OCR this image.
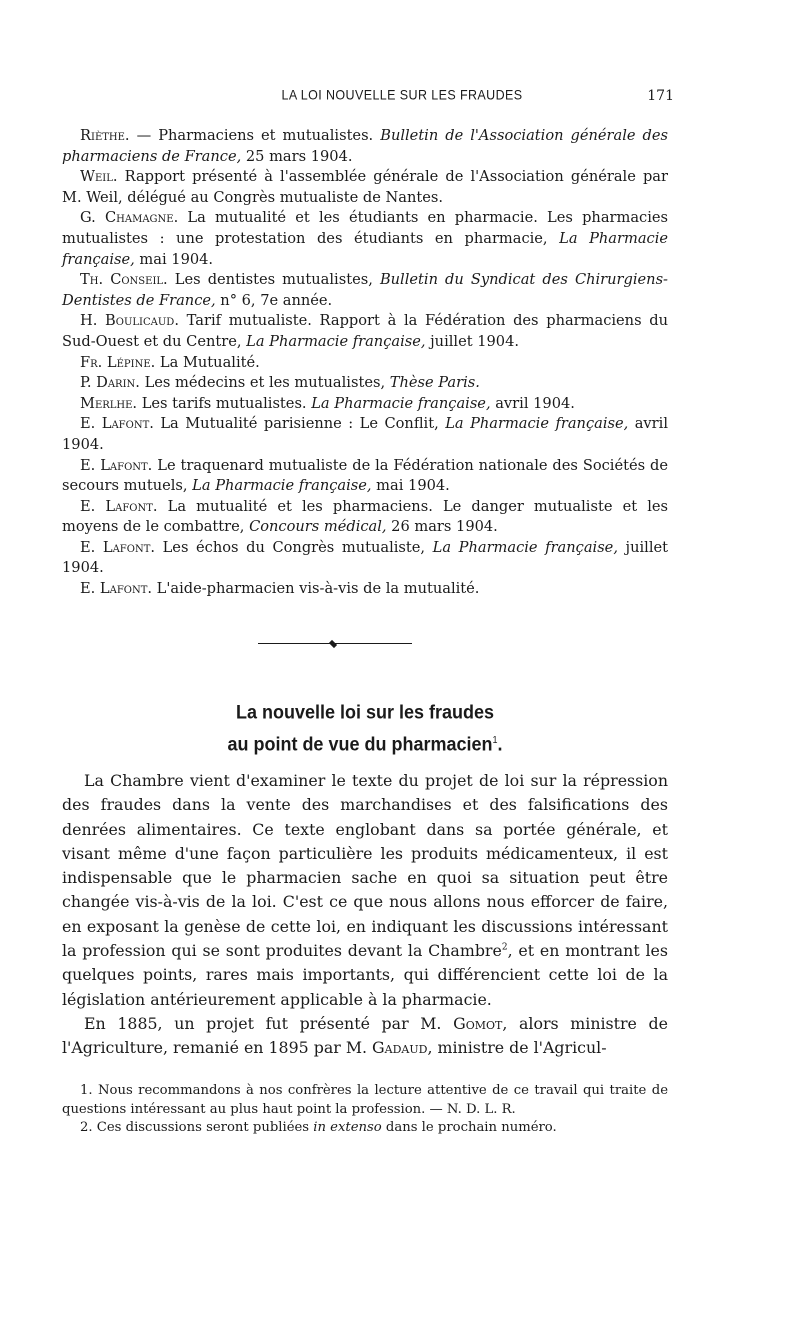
LA LOI NOUVELLE SUR LES FRAUDES	171

Rièthe. — Pharmaciens et mutualistes. Bulletin de l'Association générale des pharmaciens de France, 25 mars 1904.

Weil. Rapport présenté à l'assemblée générale de l'Association générale par M. Weil, délégué au Congrès mutualiste de Nantes.

G. Chamagne. La mutualité et les étudiants en pharmacie. Les pharmacies mutualistes : une protestation des étudiants en pharmacie, La Pharmacie française, mai 1904.

Th. Conseil. Les dentistes mutualistes, Bulletin du Syndicat des Chirurgiens-Dentistes de France, n° 6, 7e année.

H. Boulicaud. Tarif mutualiste. Rapport à la Fédération des pharmaciens du Sud-Ouest et du Centre, La Pharmacie française, juillet 1904.

Fr. Lépine. La Mutualité.

P. Darin. Les médecins et les mutualistes, Thèse Paris.

Merlhe. Les tarifs mutualistes. La Pharmacie française, avril 1904.

E. Lafont. La Mutualité parisienne : Le Conflit, La Pharmacie française, avril 1904.

E. Lafont. Le traquenard mutualiste de la Fédération nationale des Sociétés de secours mutuels, La Pharmacie française, mai 1904.

E. Lafont. La mutualité et les pharmaciens. Le danger mutualiste et les moyens de le combattre, Concours médical, 26 mars 1904.

E. Lafont. Les échos du Congrès mutualiste, La Pharmacie française, juillet 1904.

E. Lafont. L'aide-pharmacien vis-à-vis de la mutualité.

La nouvelle loi sur les fraudes
au point de vue du pharmacien$^1$.

La Chambre vient d'examiner le texte du projet de loi sur la répression des fraudes dans la vente des marchandises et des falsifications des denrées alimentaires. Ce texte englobant dans sa portée générale, et visant même d'une façon particulière les produits médicamenteux, il est indispensable que le pharmacien sache en quoi sa situation peut être changée vis-à-vis de la loi. C'est ce que nous allons nous efforcer de faire, en exposant la genèse de cette loi, en indiquant les discussions intéressant la profession qui se sont produites devant la Chambre$^2$, et en montrant les quelques points, rares mais importants, qui différencient cette loi de la législation antérieurement applicable à la pharmacie.

En 1885, un projet fut présenté par M. Gomot, alors ministre de l'Agriculture, remanié en 1895 par M. Gadaud, ministre de l'Agricul-

1. Nous recommandons à nos confrères la lecture attentive de ce travail qui traite de questions intéressant au plus haut point la profession. — N. D. L. R.

2. Ces discussions seront publiées in extenso dans le prochain numéro.
